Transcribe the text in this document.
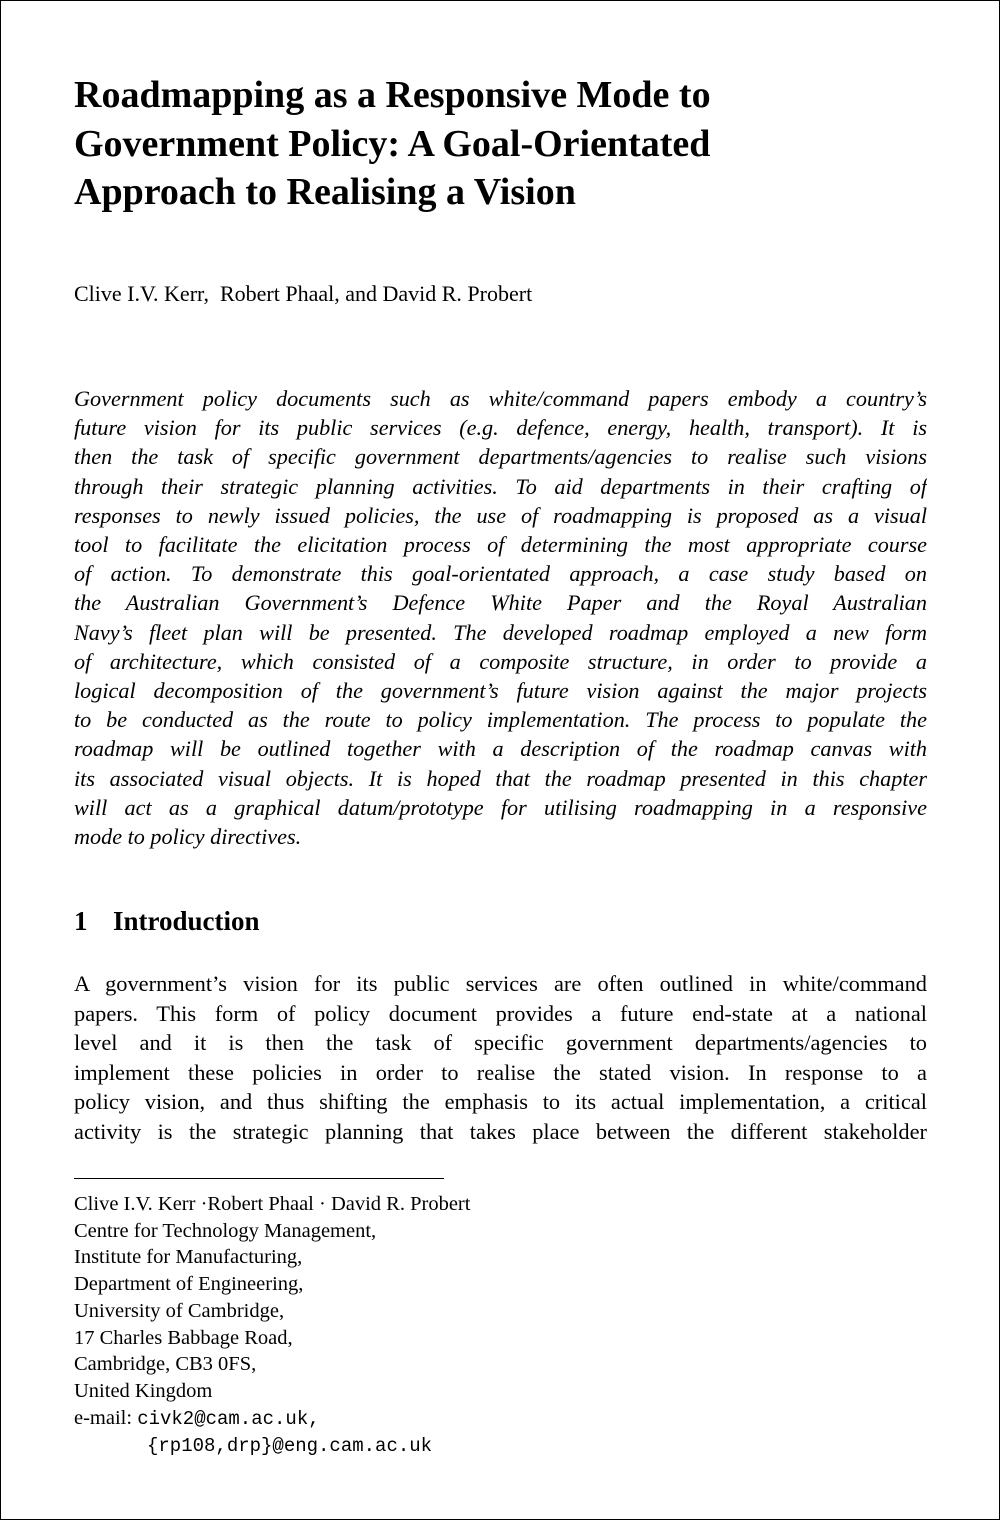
Roadmapping as a Responsive Mode to
Government Policy: A Goal-Orientated
Approach to Realising a Vision

Clive I.V. Kerr,  Robert Phaal, and David R. Probert

Government policy documents such as white/command papers embody a country’s
future vision for its public services (e.g. defence, energy, health, transport). It is
then the task of specific government departments/agencies to realise such visions
through their strategic planning activities. To aid departments in their crafting of
responses to newly issued policies, the use of roadmapping is proposed as a visual
tool to facilitate the elicitation process of determining the most appropriate course
of action. To demonstrate this goal-orientated approach, a case study based on
the Australian Government’s Defence White Paper and the Royal Australian
Navy’s fleet plan will be presented. The developed roadmap employed a new form
of architecture, which consisted of a composite structure, in order to provide a
logical decomposition of the government’s future vision against the major projects
to be conducted as the route to policy implementation. The process to populate the
roadmap will be outlined together with a description of the roadmap canvas with
its associated visual objects. It is hoped that the roadmap presented in this chapter
will act as a graphical datum/prototype for utilising roadmapping in a responsive
mode to policy directives.
1 Introduction
A government’s vision for its public services are often outlined in white/command
papers. This form of policy document provides a future end-state at a national
level and it is then the task of specific government departments/agencies to
implement these policies in order to realise the stated vision. In response to a
policy vision, and thus shifting the emphasis to its actual implementation, a critical
activity is the strategic planning that takes place between the different stakeholder
Clive I.V. Kerr ·Robert Phaal · David R. Probert
Centre for Technology Management,
Institute for Manufacturing,
Department of Engineering,
University of Cambridge,
17 Charles Babbage Road,
Cambridge, CB3 0FS,
United Kingdom
e-mail: civk2@cam.ac.uk,
{rp108,drp}@eng.cam.ac.uk
